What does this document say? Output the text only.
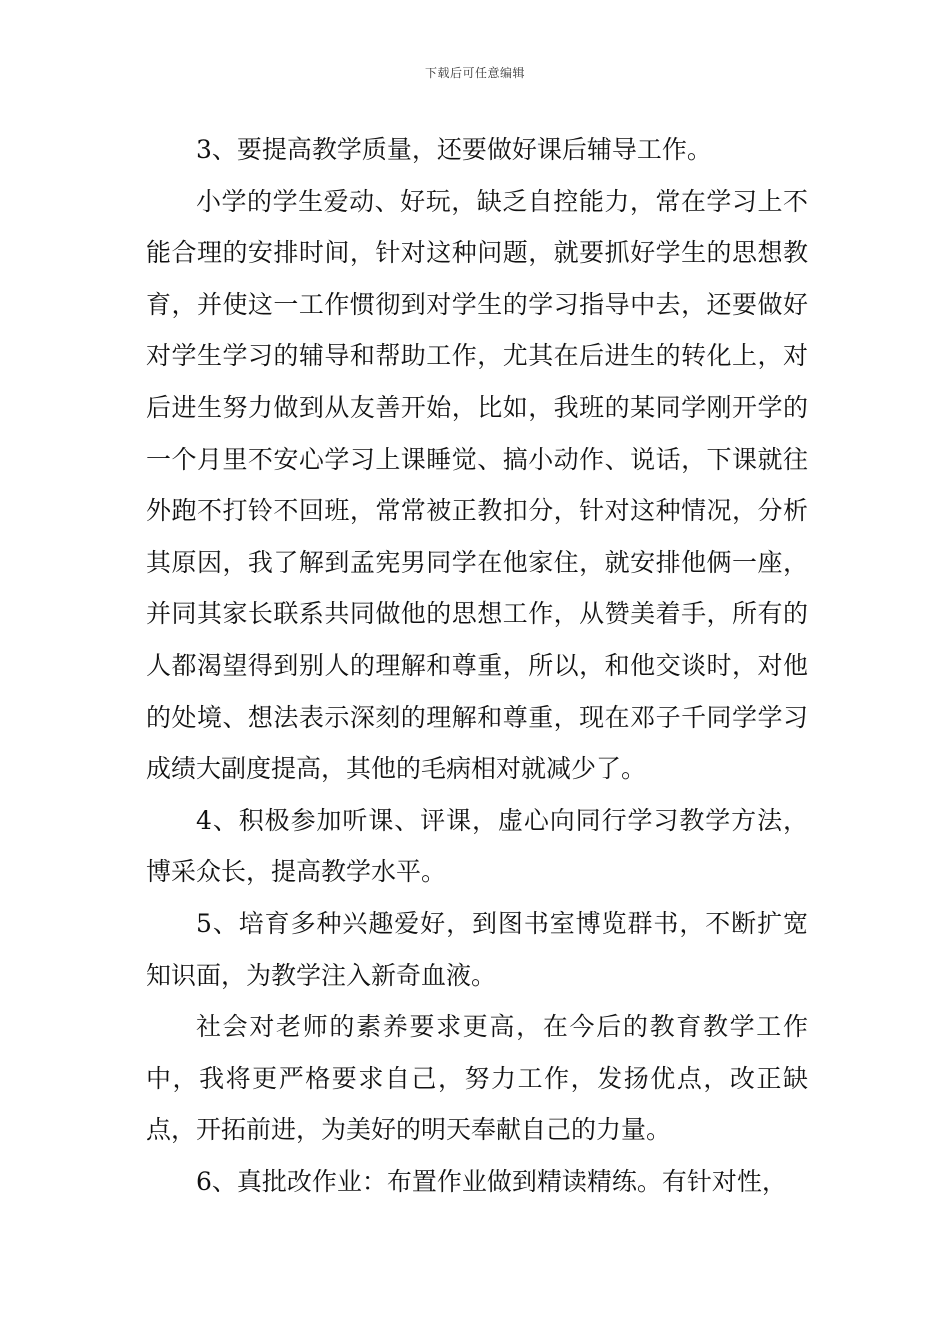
下载后可任意编辑

3、要提高教学质量，还要做好课后辅导工作。

小学的学生爱动、好玩，缺乏自控能力，常在学习上不能合理的安排时间，针对这种问题，就要抓好学生的思想教育，并使这一工作惯彻到对学生的学习指导中去，还要做好对学生学习的辅导和帮助工作，尤其在后进生的转化上，对后进生努力做到从友善开始，比如，我班的某同学刚开学的一个月里不安心学习上课睡觉、搞小动作、说话，下课就往外跑不打铃不回班，常常被正教扣分，针对这种情况，分析其原因，我了解到孟宪男同学在他家住，就安排他俩一座，并同其家长联系共同做他的思想工作，从赞美着手，所有的人都渴望得到别人的理解和尊重，所以，和他交谈时，对他的处境、想法表示深刻的理解和尊重，现在邓子千同学学习成绩大副度提高，其他的毛病相对就减少了。

4、积极参加听课、评课，虚心向同行学习教学方法，博采众长，提高教学水平。

5、培育多种兴趣爱好，到图书室博览群书，不断扩宽知识面，为教学注入新奇血液。

社会对老师的素养要求更高，在今后的教育教学工作中，我将更严格要求自己，努力工作，发扬优点，改正缺点，开拓前进，为美好的明天奉献自己的力量。

6、真批改作业：布置作业做到精读精练。有针对性，
